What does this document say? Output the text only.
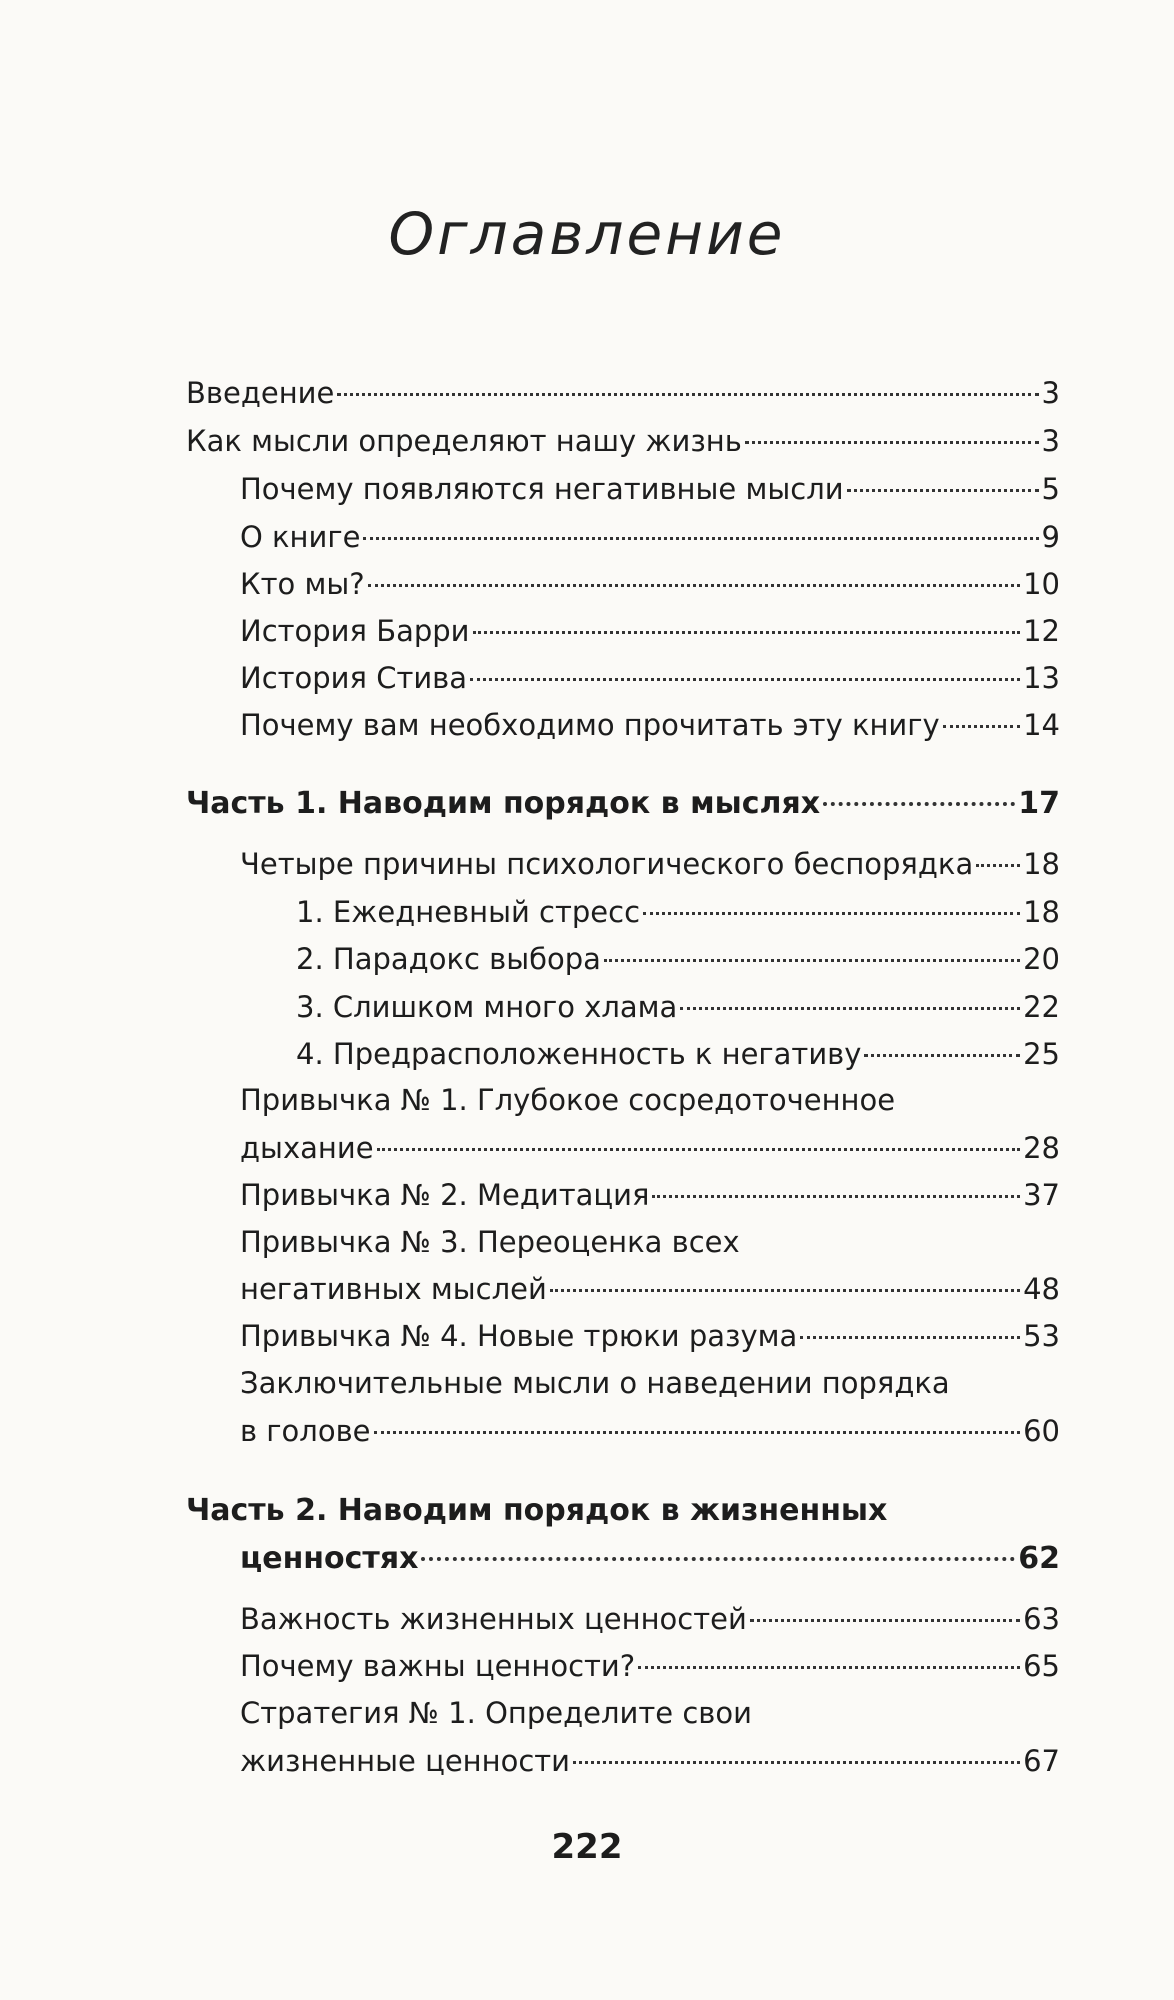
Оглавление
Введение	3
Как мысли определяют нашу жизнь	3
Почему появляются негативные мысли	5
О книге	9
Кто мы?	10
История Барри	12
История Стива	13
Почему вам необходимо прочитать эту книгу	14
Часть 1. Наводим порядок в мыслях	17
Четыре причины психологического беспорядка 18
1. Ежедневный стресс	18
2. Парадокс выбора	20
3. Слишком много хлама	22
4. Предрасположенность к негативу	25
Привычка № 1. Глубокое сосредоточенное
дыхание	28
Привычка № 2. Медитация	37
Привычка № 3. Переоценка всех
негативных мыслей	48
Привычка № 4. Новые трюки разума	53
Заключительные мысли о наведении порядка
в голове	60
Часть 2. Наводим порядок в жизненных
ценностях	62
Важность жизненных ценностей	63
Почему важны ценности?	65
Стратегия № 1. Определите свои
жизненные ценности	67
222
